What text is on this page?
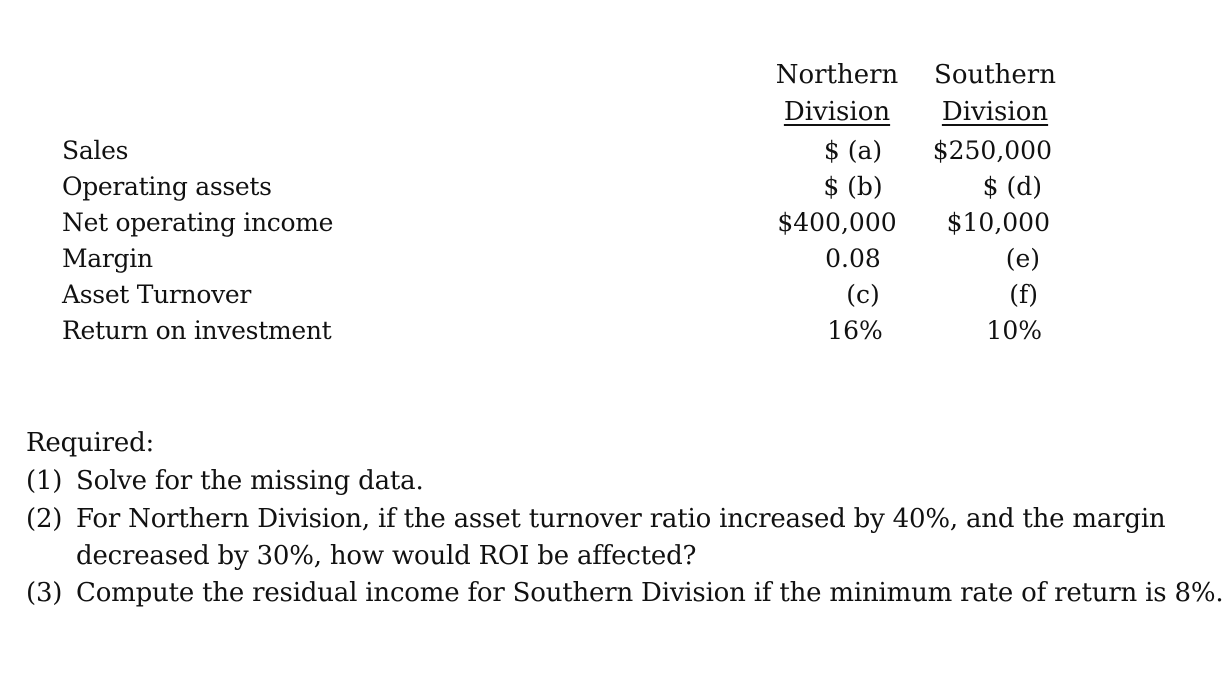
Northern
Division
Southern
Division
Sales
Operating assets
Net operating income
Margin
Asset Turnover
Return on investment
$ (a)
$ (b)
$400,000
0.08
(c)
16%
$250,000
$ (d)
$10,000
(e)
(f)
10%
Required:
(1) Solve for the missing data.
(2) For Northern Division, if the asset turnover ratio increased by 40%, and the margin
decreased by 30%, how would ROI be affected?
(3) Compute the residual income for Southern Division if the minimum rate of return is 8%.
